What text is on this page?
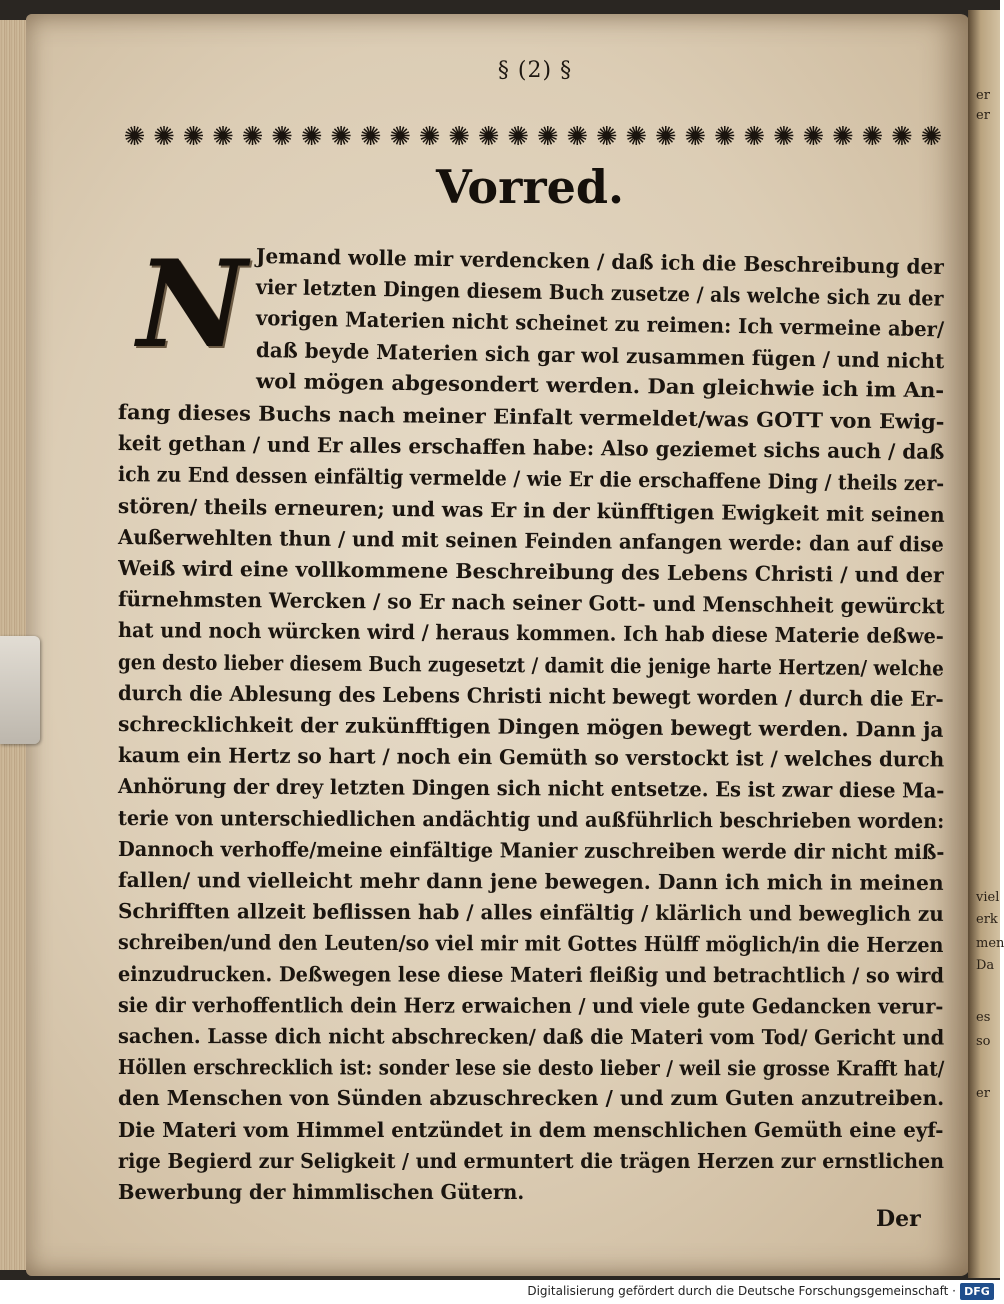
er
er
viel
erk
men
Da
es
so
er
§ (2) §
✺ ✺ ✺ ✺ ✺ ✺ ✺ ✺ ✺ ✺ ✺ ✺ ✺ ✺ ✺ ✺ ✺ ✺ ✺ ✺ ✺ ✺ ✺ ✺ ✺ ✺ ✺ ✺
Vorred.
N Jemand wolle mir verdencken / daß ich die Beschreibung der
vier letzten Dingen diesem Buch zusetze / als welche sich zu der
vorigen Materien nicht scheinet zu reimen: Ich vermeine aber/
daß beyde Materien sich gar wol zusammen fügen / und nicht
wol mögen abgesondert werden. Dan gleichwie ich im An-
fang dieses Buchs nach meiner Einfalt vermeldet/was GOTT von Ewig-
keit gethan / und Er alles erschaffen habe: Also geziemet sichs auch / daß
ich zu End dessen einfältig vermelde / wie Er die erschaffene Ding / theils zer-
stören/ theils erneuren; und was Er in der künfftigen Ewigkeit mit seinen
Außerwehlten thun / und mit seinen Feinden anfangen werde: dan auf dise
Weiß wird eine vollkommene Beschreibung des Lebens Christi / und der
fürnehmsten Wercken / so Er nach seiner Gott- und Menschheit gewürckt
hat und noch würcken wird / heraus kommen. Ich hab diese Materie deßwe-
gen desto lieber diesem Buch zugesetzt / damit die jenige harte Hertzen/ welche
durch die Ablesung des Lebens Christi nicht bewegt worden / durch die Er-
schrecklichkeit der zukünfftigen Dingen mögen bewegt werden. Dann ja
kaum ein Hertz so hart / noch ein Gemüth so verstockt ist / welches durch
Anhörung der drey letzten Dingen sich nicht entsetze. Es ist zwar diese Ma-
terie von unterschiedlichen andächtig und außführlich beschrieben worden:
Dannoch verhoffe/meine einfältige Manier zuschreiben werde dir nicht miß-
fallen/ und vielleicht mehr dann jene bewegen. Dann ich mich in meinen
Schrifften allzeit beflissen hab / alles einfältig / klärlich und beweglich zu
schreiben/und den Leuten/so viel mir mit Gottes Hülff möglich/in die Herzen
einzudrucken. Deßwegen lese diese Materi fleißig und betrachtlich / so wird
sie dir verhoffentlich dein Herz erwaichen / und viele gute Gedancken verur-
sachen. Lasse dich nicht abschrecken/ daß die Materi vom Tod/ Gericht und
Höllen erschrecklich ist: sonder lese sie desto lieber / weil sie grosse Krafft hat/
den Menschen von Sünden abzuschrecken / und zum Guten anzutreiben.
Die Materi vom Himmel entzündet in dem menschlichen Gemüth eine eyf-
rige Begierd zur Seligkeit / und ermuntert die trägen Herzen zur ernstlichen
Bewerbung der himmlischen Gütern.
Der
Digitalisierung gefördert durch die Deutsche Forschungsgemeinschaft · DFG
